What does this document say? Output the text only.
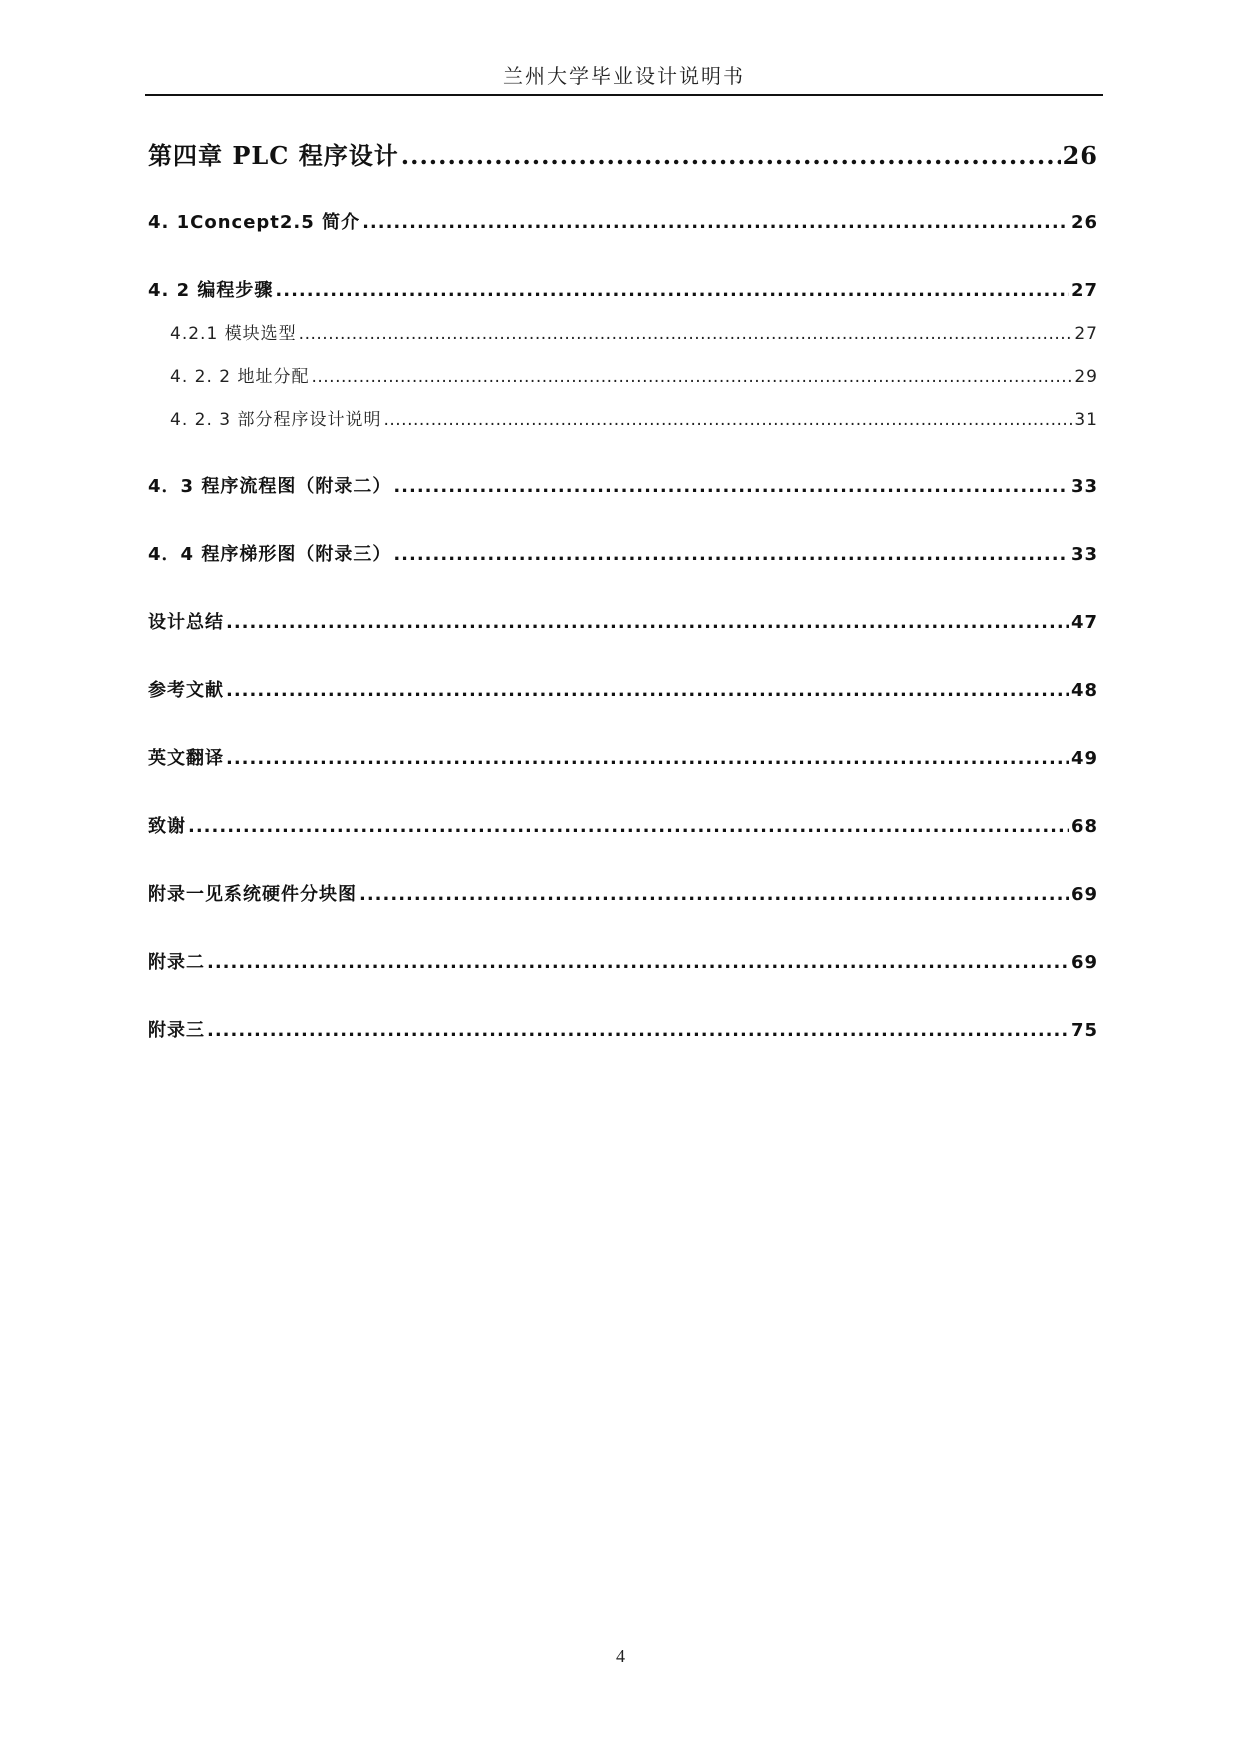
兰州大学毕业设计说明书
第四章 PLC 程序设计 .....	26
4. 1Concept2.5 简介 .....	26
4. 2 编程步骤 .....	27
4.2.1 模块选型 .....	27
4. 2. 2 地址分配 .....	29
4. 2. 3 部分程序设计说明 .....	31
4．3 程序流程图（附录二） .....	33
4．4 程序梯形图（附录三） .....	33
设计总结 .....	47
参考文献 .....	48
英文翻译 .....	49
致谢 .....	68
附录一见系统硬件分块图 .....	69
附录二 .....	69
附录三 .....	75
4
